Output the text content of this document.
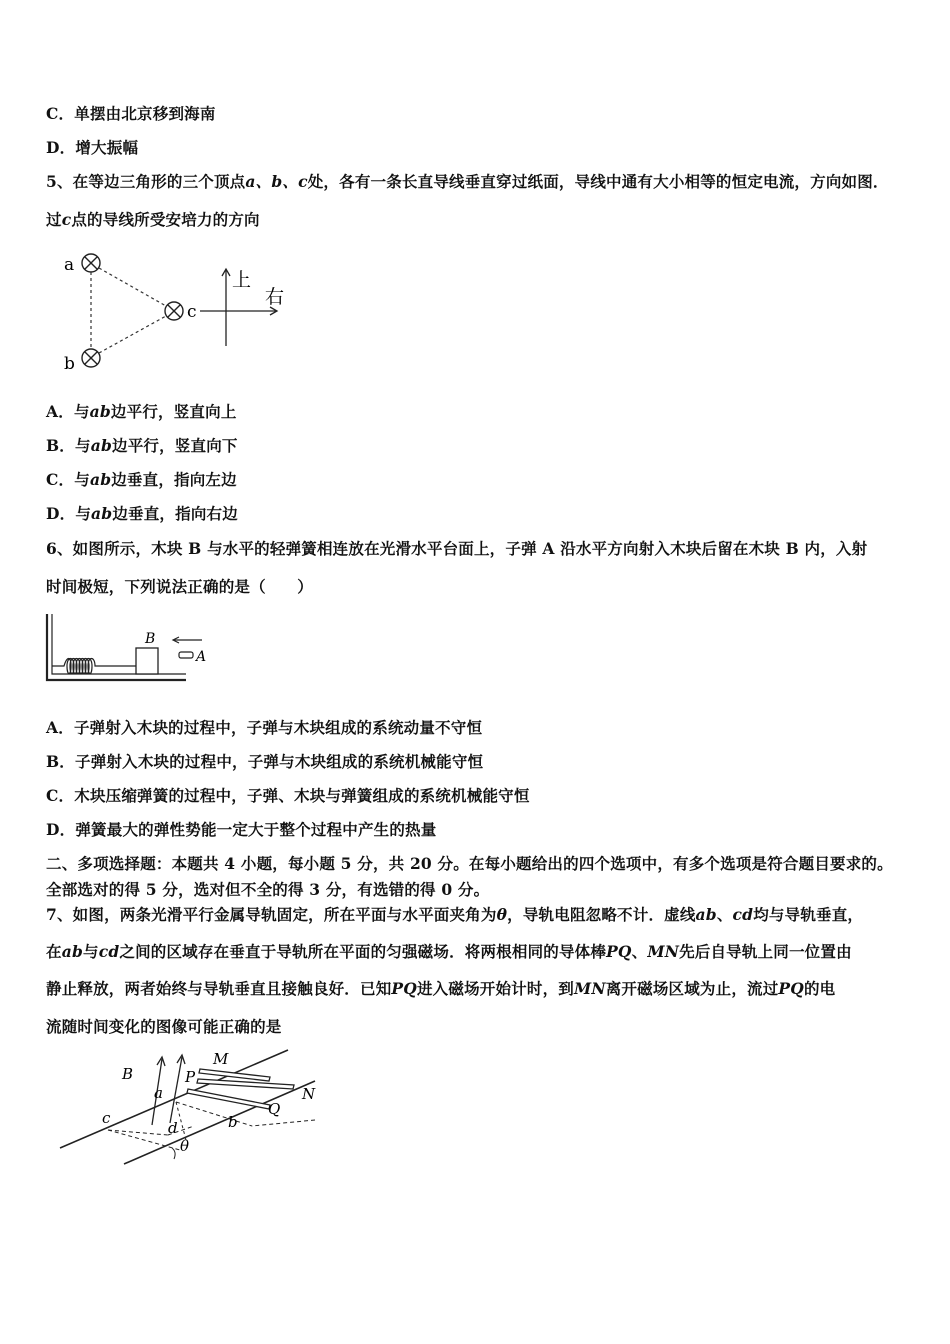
C．单摆由北京移到海南
D．增大振幅
5、在等边三角形的三个顶点a、b、c处，各有一条长直导线垂直穿过纸面，导线中通有大小相等的恒定电流，方向如图．
过c点的导线所受安培力的方向
a
b
c
上
右
A．与ab边平行，竖直向上
B．与ab边平行，竖直向下
C．与ab边垂直，指向左边
D．与ab边垂直，指向右边
6、如图所示，木块 B 与水平的轻弹簧相连放在光滑水平台面上，子弹 A 沿水平方向射入木块后留在木块 B 内，入射
时间极短，下列说法正确的是（　　）
B
A
A．子弹射入木块的过程中，子弹与木块组成的系统动量不守恒
B．子弹射入木块的过程中，子弹与木块组成的系统机械能守恒
C．木块压缩弹簧的过程中，子弹、木块与弹簧组成的系统机械能守恒
D．弹簧最大的弹性势能一定大于整个过程中产生的热量
二、多项选择题：本题共 4 小题，每小题 5 分，共 20 分。在每小题给出的四个选项中，有多个选项是符合题目要求的。
全部选对的得 5 分，选对但不全的得 3 分，有选错的得 0 分。
7、如图，两条光滑平行金属导轨固定，所在平面与水平面夹角为θ，导轨电阻忽略不计．虚线ab、cd均与导轨垂直，
在ab与cd之间的区域存在垂直于导轨所在平面的匀强磁场．将两根相同的导体棒PQ、MN先后自导轨上同一位置由
静止释放，两者始终与导轨垂直且接触良好．已知PQ进入磁场开始计时，到MN离开磁场区域为止，流过PQ的电
流随时间变化的图像可能正确的是
B
a
P
M
Q
N
c
d	b
θ
